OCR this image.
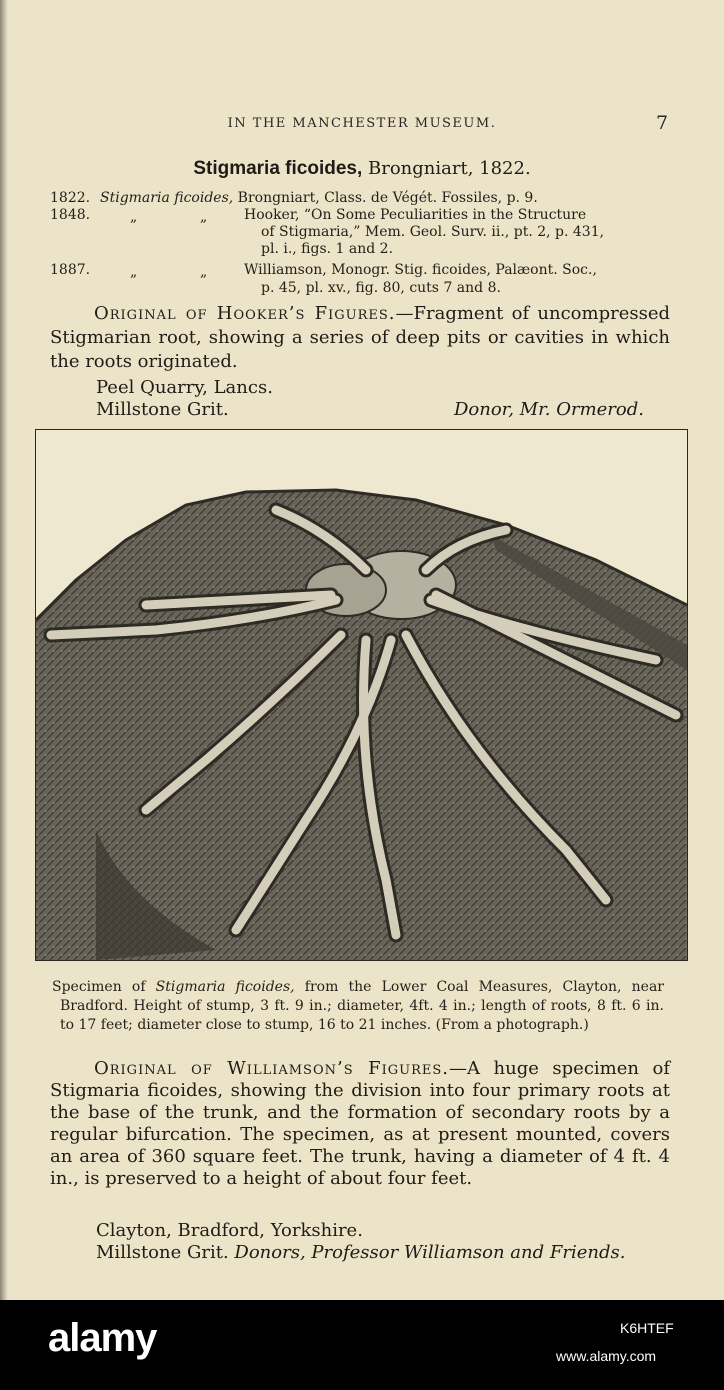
IN THE MANCHESTER MUSEUM.	7
Stigmaria ficoides, Brongniart, 1822.
1822. Stigmaria ficoides, Brongniart, Class. de Végét. Fossiles, p. 9.
1848.	„	„	Hooker, “On Some Peculiarities in the Structure
of Stigmaria,” Mem. Geol. Surv. ii., pt. 2, p. 431,
pl. i., figs. 1 and 2.
1887.	„	„	Williamson, Monogr. Stig. ficoides, Palæont. Soc.,
p. 45, pl. xv., fig. 80, cuts 7 and 8.
Original of Hooker’s Figures.—Fragment of uncompressed Stigmarian root, showing a series of deep pits or cavities in which the roots originated.
Peel Quarry, Lancs.
Millstone Grit.	Donor, Mr. Ormerod.
Specimen of Stigmaria ficoides, from the Lower Coal Measures, Clayton, near Bradford. Height of stump, 3 ft. 9 in.; diameter, 4ft. 4 in.; length of roots, 8 ft. 6 in. to 17 feet; diameter close to stump, 16 to 21 inches. (From a photograph.)
Original of Williamson’s Figures.—A huge specimen of Stigmaria ficoides, showing the division into four primary roots at the base of the trunk, and the formation of secondary roots by a regular bifurcation. The specimen, as at present mounted, covers an area of 360 square feet. The trunk, having a diameter of 4 ft. 4 in., is preserved to a height of about four feet.
Clayton, Bradford, Yorkshire.
Millstone Grit. Donors, Professor Williamson and Friends.
alamy	K6HTEF
www.alamy.com
